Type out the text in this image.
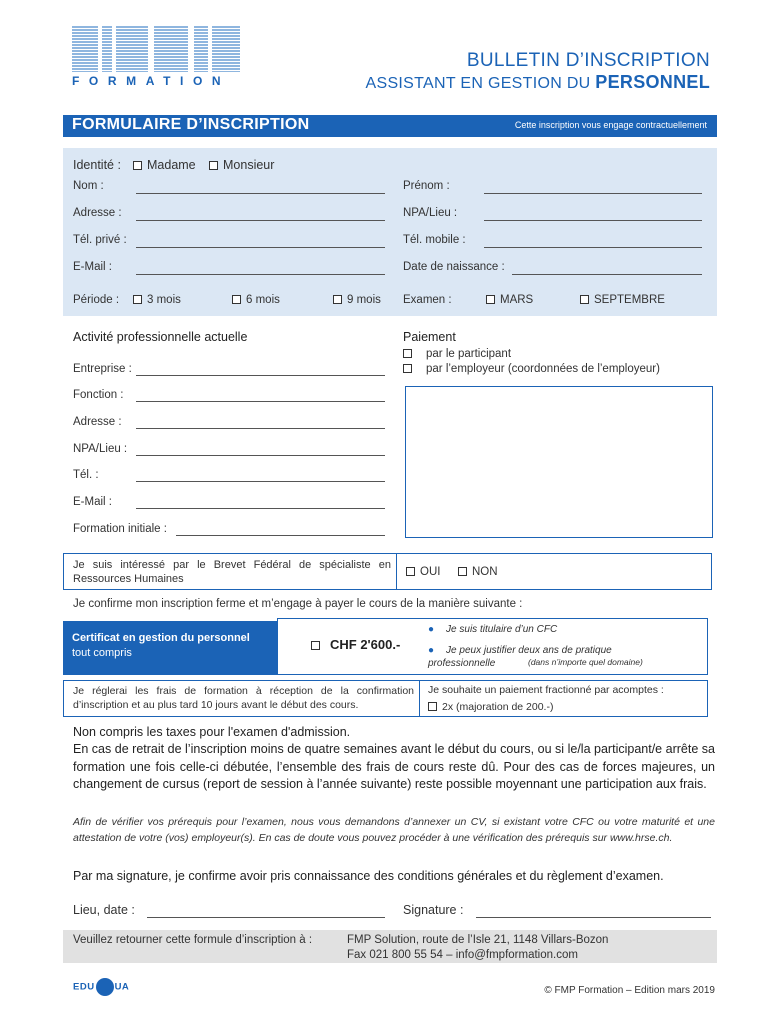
FORMATION
BULLETIN D’INSCRIPTION
ASSISTANT EN GESTION DU PERSONNEL
FORMULAIRE D’INSCRIPTION	Cette inscription vous engage contractuellement
Identité :	Madame	Monsieur
Nom :	Prénom :
Adresse :	NPA/Lieu :
Tél. privé :	Tél. mobile :
E-Mail :	Date de naissance :
Période :	3 mois	6 mois	9 mois Examen :	MARS	SEPTEMBRE
Activité professionnelle actuelle
Entreprise :
Fonction :
Adresse :
NPA/Lieu :
Tél. :
E-Mail :
Formation initiale :
Paiement
par le participant
par l’employeur (coordonnées de l’employeur)
Je suis intéressé par le Brevet Fédéral de spécialiste en Ressources Humaines
OUI	NON
Je confirme mon inscription ferme et m’engage à payer le cours de la manière suivante :
Certificat en gestion du personnel
tout compris
CHF 2'600.-
● Je suis titulaire d’un CFC
● Je peux justifier deux ans de pratique professionnelle	(dans n’importe quel domaine)
Je réglerai les frais de formation à réception de la confirmation d’inscription et au plus tard 10 jours avant le début des cours.
Je souhaite un paiement fractionné par acomptes :
2x (majoration de 200.-)
Non compris les taxes pour l'examen d'admission.
En cas de retrait de l’inscription moins de quatre semaines avant le début du cours, ou si le/la participant/e arrête sa formation une fois celle-ci débutée, l’ensemble des frais de cours reste dû. Pour des cas de forces majeures, un changement de cursus (report de session à l’année suivante) reste possible moyennant une participation aux frais.
Afin de vérifier vos prérequis pour l’examen, nous vous demandons d’annexer un CV, si existant votre CFC ou votre maturité et une attestation de votre (vos) employeur(s). En cas de doute vous pouvez procéder à une vérification des prérequis sur www.hrse.ch.
Par ma signature, je confirme avoir pris connaissance des conditions générales et du règlement d’examen.
Lieu, date :	Signature :
Veuillez retourner cette formule d’inscription à :	FMP Solution, route de l’Isle 21, 1148 Villars-Bozon
Fax 021 800 55 54 – info@fmpformation.com
EDU UA	© FMP Formation – Edition mars 2019
